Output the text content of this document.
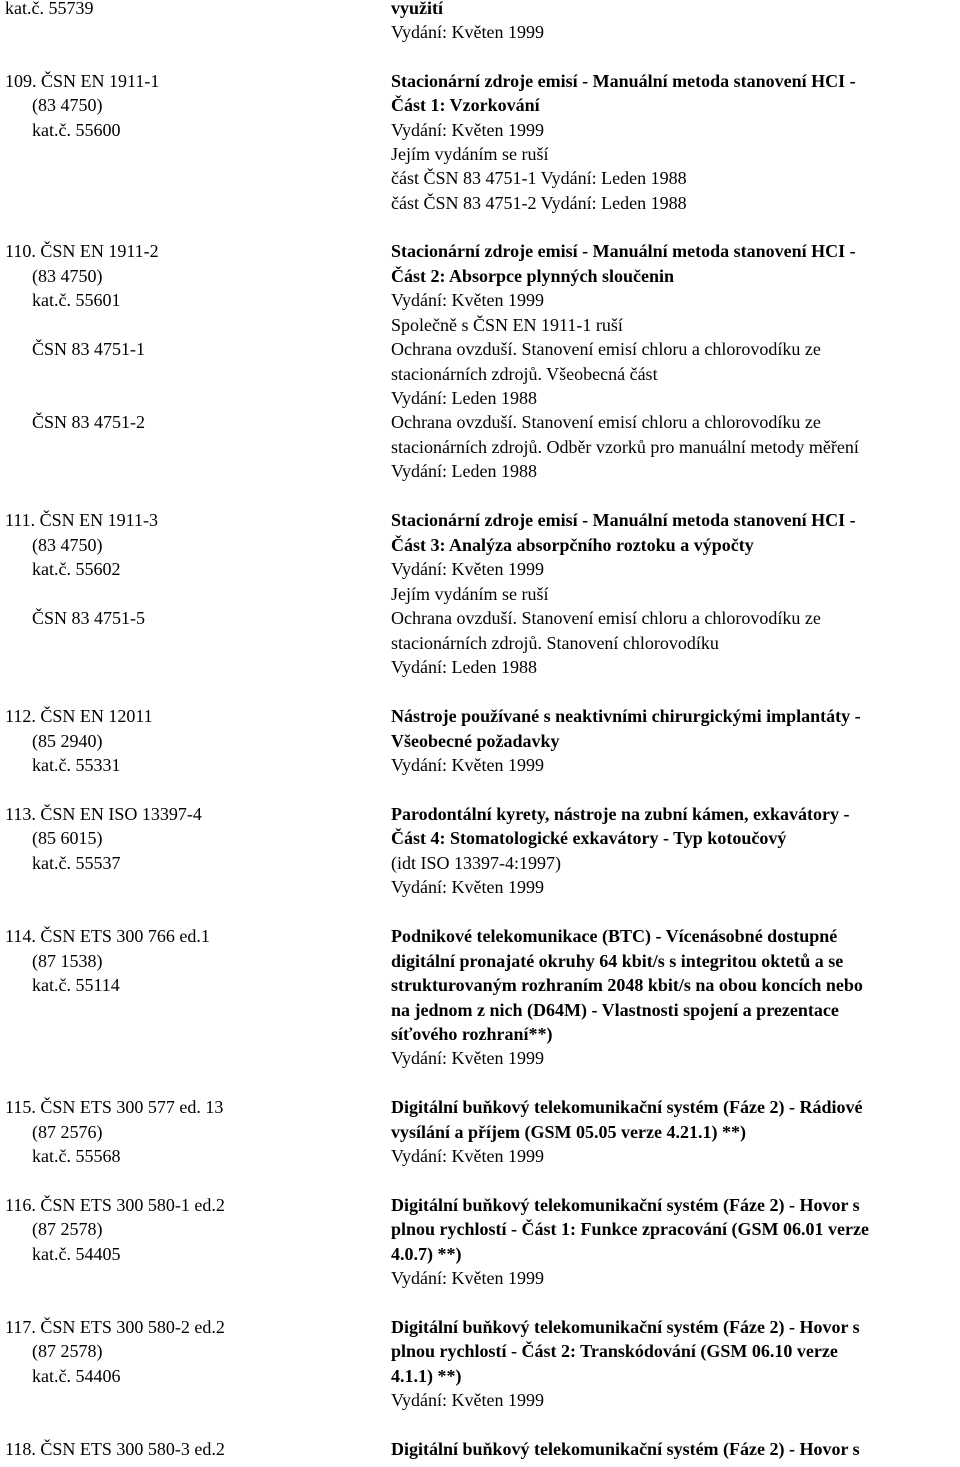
kat.č. 55739
109. ČSN EN 1911-1
(83 4750)
kat.č. 55600
110. ČSN EN 1911-2
(83 4750)
kat.č. 55601
ČSN 83 4751-1
ČSN 83 4751-2
111. ČSN EN 1911-3
(83 4750)
kat.č. 55602
ČSN 83 4751-5
112. ČSN EN 12011
(85 2940)
kat.č. 55331
113. ČSN EN ISO 13397-4
(85 6015)
kat.č. 55537
114. ČSN ETS 300 766 ed.1
(87 1538)
kat.č. 55114
115. ČSN ETS 300 577 ed. 13
(87 2576)
kat.č. 55568
116. ČSN ETS 300 580-1 ed.2
(87 2578)
kat.č. 54405
117. ČSN ETS 300 580-2 ed.2
(87 2578)
kat.č. 54406
118. ČSN ETS 300 580-3 ed.2
využití
Vydání: Květen 1999
Stacionární zdroje emisí - Manuální metoda stanovení HCI -
Část 1: Vzorkování
Vydání: Květen 1999
Jejím vydáním se ruší
část ČSN 83 4751-1 Vydání: Leden 1988
část ČSN 83 4751-2 Vydání: Leden 1988
Stacionární zdroje emisí - Manuální metoda stanovení HCI -
Část 2: Absorpce plynných sloučenin
Vydání: Květen 1999
Společně s ČSN EN 1911-1 ruší
Ochrana ovzduší. Stanovení emisí chloru a chlorovodíku ze
stacionárních zdrojů. Všeobecná část
Vydání: Leden 1988
Ochrana ovzduší. Stanovení emisí chloru a chlorovodíku ze
stacionárních zdrojů. Odběr vzorků pro manuální metody měření
Vydání: Leden 1988
Stacionární zdroje emisí - Manuální metoda stanovení HCI -
Část 3: Analýza absorpčního roztoku a výpočty
Vydání: Květen 1999
Jejím vydáním se ruší
Ochrana ovzduší. Stanovení emisí chloru a chlorovodíku ze
stacionárních zdrojů. Stanovení chlorovodíku
Vydání: Leden 1988
Nástroje používané s neaktivními chirurgickými implantáty -
Všeobecné požadavky
Vydání: Květen 1999
Parodontální kyrety, nástroje na zubní kámen, exkavátory -
Část 4: Stomatologické exkavátory - Typ kotoučový
(idt ISO 13397-4:1997)
Vydání: Květen 1999
Podnikové telekomunikace (BTC) - Vícenásobné dostupné
digitální pronajaté okruhy 64 kbit/s s integritou oktetů a se
strukturovaným rozhraním 2048 kbit/s na obou koncích nebo
na jednom z nich (D64M) - Vlastnosti spojení a prezentace
síťového rozhraní**)
Vydání: Květen 1999
Digitální buňkový telekomunikační systém (Fáze 2) - Rádiové
vysílání a příjem (GSM 05.05 verze 4.21.1) **)
Vydání: Květen 1999
Digitální buňkový telekomunikační systém (Fáze 2) - Hovor s
plnou rychlostí - Část 1: Funkce zpracování (GSM 06.01 verze
4.0.7) **)
Vydání: Květen 1999
Digitální buňkový telekomunikační systém (Fáze 2) - Hovor s
plnou rychlostí - Část 2: Transkódování (GSM 06.10 verze
4.1.1) **)
Vydání: Květen 1999
Digitální buňkový telekomunikační systém (Fáze 2) - Hovor s
